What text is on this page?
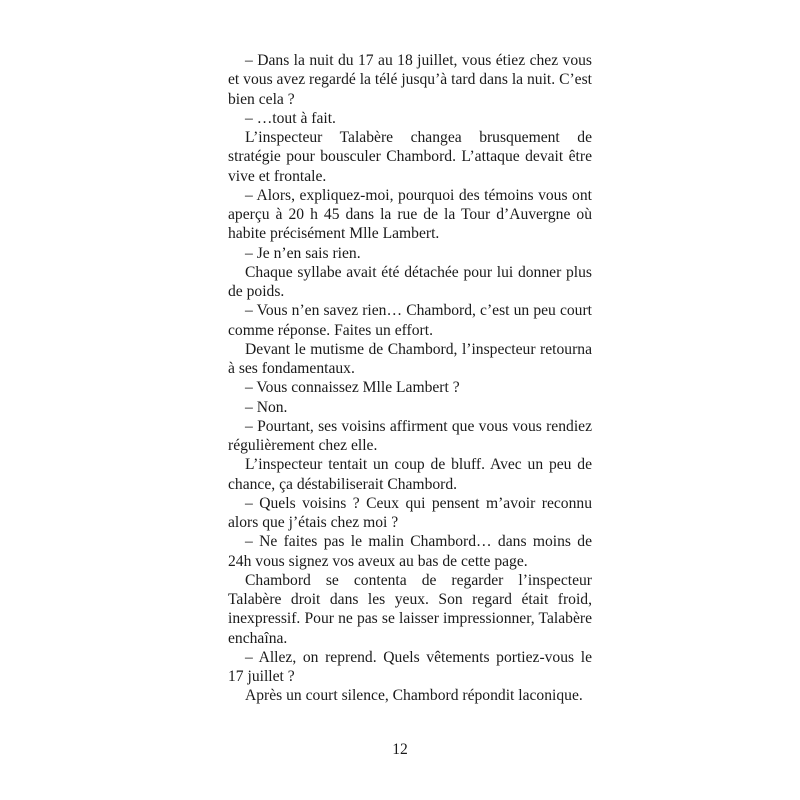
– Dans la nuit du 17 au 18 juillet, vous étiez chez vous et vous avez regardé la télé jusqu’à tard dans la nuit. C’est bien cela ?

– …tout à fait.

L’inspecteur Talabère changea brusquement de stratégie pour bousculer Chambord. L’attaque devait être vive et frontale.

– Alors, expliquez-moi, pourquoi des témoins vous ont aperçu à 20 h 45 dans la rue de la Tour d’Auvergne où habite précisément Mlle Lambert.

– Je n’en sais rien.

Chaque syllabe avait été détachée pour lui donner plus de poids.

– Vous n’en savez rien… Chambord, c’est un peu court comme réponse. Faites un effort.

Devant le mutisme de Chambord, l’inspecteur retourna à ses fondamentaux.

– Vous connaissez Mlle Lambert ?

– Non.

– Pourtant, ses voisins affirment que vous vous rendiez régulièrement chez elle.

L’inspecteur tentait un coup de bluff. Avec un peu de chance, ça déstabiliserait Chambord.

– Quels voisins ? Ceux qui pensent m’avoir reconnu alors que j’étais chez moi ?

– Ne faites pas le malin Chambord… dans moins de 24h vous signez vos aveux au bas de cette page.

Chambord se contenta de regarder l’inspecteur Talabère droit dans les yeux. Son regard était froid, inexpressif. Pour ne pas se laisser impressionner, Talabère enchaîna.

– Allez, on reprend. Quels vêtements portiez-vous le 17 juillet ?

Après un court silence, Chambord répondit laconique.

12
